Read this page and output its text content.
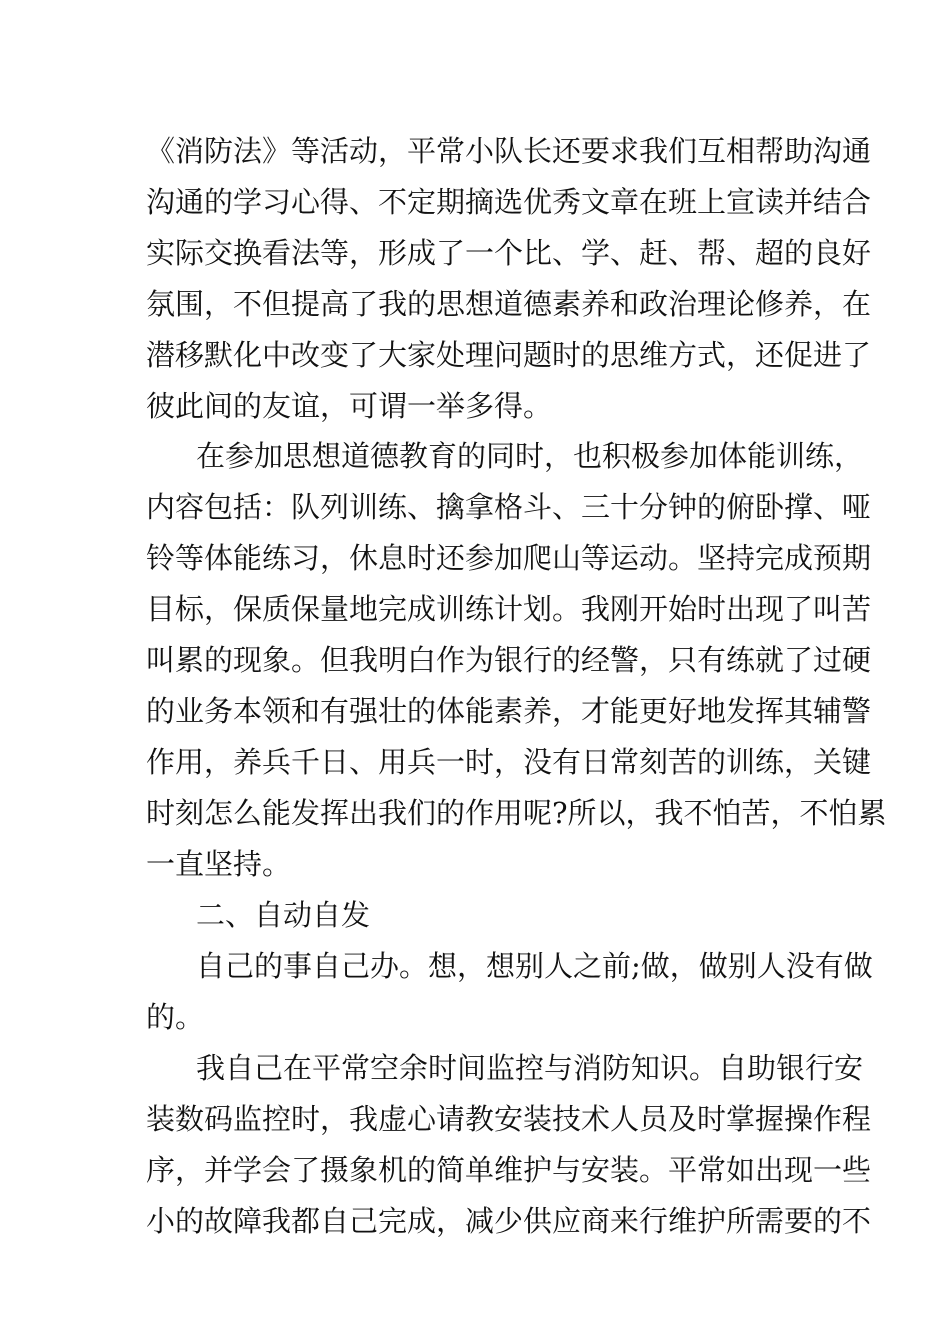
《消防法》等活动，平常小队长还要求我们互相帮助沟通
沟通的学习心得、不定期摘选优秀文章在班上宣读并结合
实际交换看法等，形成了一个比、学、赶、帮、超的良好
氛围，不但提高了我的思想道德素养和政治理论修养，在
潜移默化中改变了大家处理问题时的思维方式，还促进了
彼此间的友谊，可谓一举多得。
在参加思想道德教育的同时，也积极参加体能训练，
内容包括：队列训练、擒拿格斗、三十分钟的俯卧撑、哑
铃等体能练习，休息时还参加爬山等运动。坚持完成预期
目标，保质保量地完成训练计划。我刚开始时出现了叫苦
叫累的现象。但我明白作为银行的经警，只有练就了过硬
的业务本领和有强壮的体能素养，才能更好地发挥其辅警
作用，养兵千日、用兵一时，没有日常刻苦的训练，关键
时刻怎么能发挥出我们的作用呢?所以，我不怕苦，不怕累
一直坚持。
二、自动自发
自己的事自己办。想，想别人之前;做，做别人没有做
的。
我自己在平常空余时间监控与消防知识。自助银行安
装数码监控时，我虚心请教安装技术人员及时掌握操作程
序，并学会了摄象机的简单维护与安装。平常如出现一些
小的故障我都自己完成，减少供应商来行维护所需要的不
